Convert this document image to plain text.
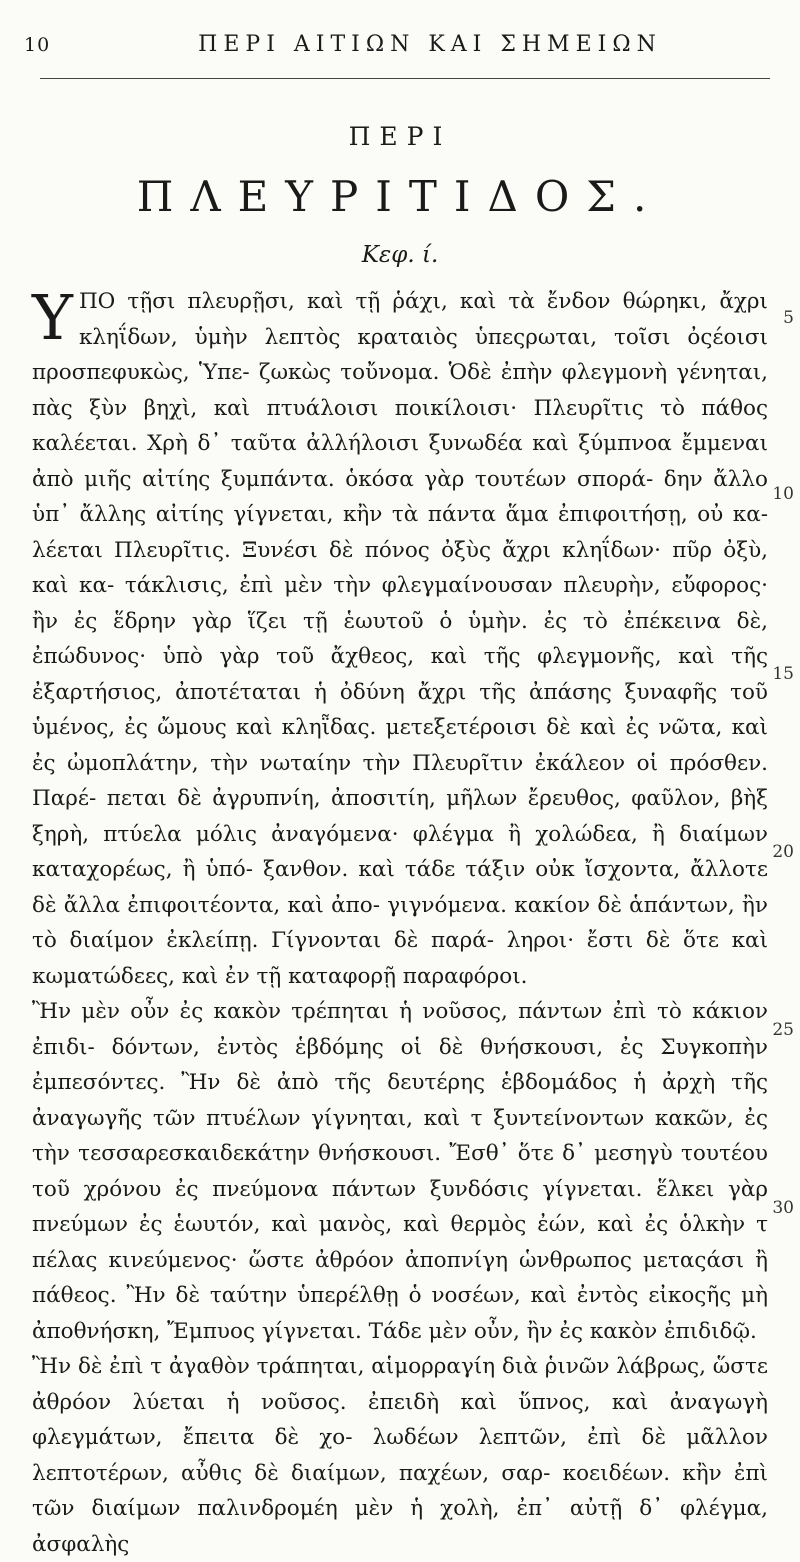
10	ΠΕΡΙ ΑΙΤΙΩΝ ΚΑΙ ΣΗΜΕΙΩΝ
ΠΕΡΙ
ΠΛΕΥΡΙΤΙΔΟΣ.
Κεφ. ί.
Υ ΠΟ τῇσι πλευρῇσι, καὶ τῇ ῥάχι, καὶ τὰ ἔνδον θώρηκι, ἄχρι κληΐδων, ὑμὴν λεπτὸς κραταιὸς ὑπεςρωται, τοῖσι ὀςέοισι προσπεφυκὼς, Ὑπε- ζωκὼς τοὔνομα. Ὁδὲ ἐπὴν φλεγμονὴ γένηται, πὰς ξὺν βηχὶ, καὶ πτυάλοισι ποικίλοισι· Πλευρῖτις τὸ πάθος καλέεται. Χρὴ δ᾽ ταῦτα ἀλλήλοισι ξυνωδέα καὶ ξύμπνοα ἔμμεναι ἀπὸ μιῆς αἰτίης ξυμπάντα. ὁκόσα γὰρ τουτέων σπορά- δην ἄλλο ὑπ᾽ ἄλλης αἰτίης γίγνεται, κἢν τὰ πάντα ἅμα ἐπιφοιτήσῃ, οὐ κα- λέεται Πλευρῖτις. Ξυνέσι δὲ πόνος ὀξὺς ἄχρι κληΐδων· πῦρ ὀξὺ, καὶ κα- τάκλισις, ἐπὶ μὲν τὴν φλεγμαίνουσαν πλευρὴν, εὔφορος· ἢν ἐς ἕδρην γὰρ ἵζει τῇ ἑωυτοῦ ὁ ὑμὴν. ἐς τὸ ἐπέκεινα δὲ, ἐπώδυνος· ὑπὸ γὰρ τοῦ ἄχθεος, καὶ τῆς φλεγμονῆς, καὶ τῆς ἐξαρτήσιος, ἀποτέταται ἡ ὀδύνη ἄχρι τῆς ἀπάσης ξυναφῆς τοῦ ὑμένος, ἐς ὤμους καὶ κληῗδας. μετεξετέροισι δὲ καὶ ἐς νῶτα, καὶ ἐς ὠμοπλάτην, τὴν νωταίην τὴν Πλευρῖτιν ἐκάλεον οἱ πρόσθεν. Παρέ- πεται δὲ ἀγρυπνίη, ἀποσιτίη, μῆλων ἔρευθος, φαῦλον, βὴξ ξηρὴ, πτύελα μόλις ἀναγόμενα· φλέγμα ἢ χολώδεα, ἢ διαίμων καταχορέως, ἢ ὑπό- ξανθον. καὶ τάδε τάξιν οὐκ ἴσχοντα, ἄλλοτε δὲ ἄλλα ἐπιφοιτέοντα, καὶ ἀπο- γιγνόμενα. κακίον δὲ ἁπάντων, ἢν τὸ διαίμον ἐκλείπῃ. Γίγνονται δὲ παρά- ληροι· ἔστι δὲ ὅτε καὶ κωματώδεες, καὶ ἐν τῇ καταφορῇ παραφόροι.

Ἢν μὲν οὖν ἐς κακὸν τρέπηται ἡ νοῦσος, πάντων ἐπὶ τὸ κάκιον ἐπιδι- δόντων, ἐντὸς ἑβδόμης οἱ δὲ θνήσκουσι, ἐς Συγκοπὴν ἐμπεσόντες. Ἢν δὲ ἀπὸ τῆς δευτέρης ἑβδομάδος ἡ ἀρχὴ τῆς ἀναγωγῆς τῶν πτυέλων γίγνηται, καὶ τ ξυντείνοντων κακῶν, ἐς τὴν τεσσαρεσκαιδεκάτην θνήσκουσι. Ἔσθ᾽ ὅτε δ᾽ μεσηγὺ τουτέου τοῦ χρόνου ἐς πνεύμονα πάντων ξυνδόσις γίγνεται. ἕλκει γὰρ πνεύμων ἐς ἑωυτόν, καὶ μανὸς, καὶ θερμὸς ἐών, καὶ ἐς ὁλκὴν τ πέλας κινεύμενος· ὥστε ἀθρόον ἀποπνίγη ὡνθρωπος μεταςάσι ἢ πάθεος. Ἢν δὲ ταύτην ὑπερέλθῃ ὁ νοσέων, καὶ ἐντὸς εἰκοςῆς μὴ ἀποθνήσκη, Ἔμπυος γίγνεται. Τάδε μὲν οὖν, ἢν ἐς κακὸν ἐπιδιδῷ.

Ἢν δὲ ἐπὶ τ ἀγαθὸν τράπηται, αἱμορραγίη διὰ ῥινῶν λάβρως, ὥστε ἀθρόον λύεται ἡ νοῦσος. ἐπειδὴ καὶ ὕπνος, καὶ ἀναγωγὴ φλεγμάτων, ἔπειτα δὲ χο- λωδέων λεπτῶν, ἐπὶ δὲ μᾶλλον λεπτοτέρων, αὖθις δὲ διαίμων, παχέων, σαρ- κοειδέων. κἢν ἐπὶ τῶν διαίμων παλινδρομέη μὲν ἡ χολὴ, ἐπ᾽ αὐτῇ δ᾽ φλέγμα, ἀσφαλὴς

5
10
15
20
25
30
